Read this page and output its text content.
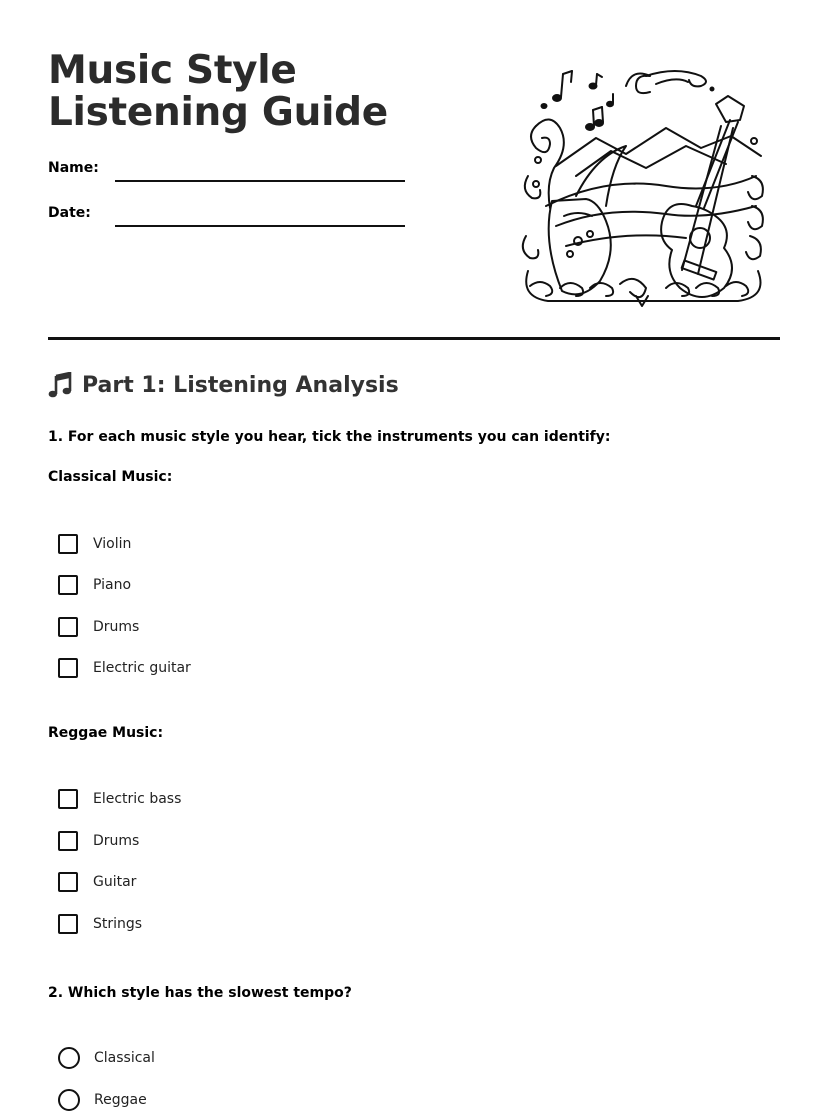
Music Style Listening Guide
Name:
Date:
Part 1: Listening Analysis

1. For each music style you hear, tick the instruments you can identify:

Classical Music:

Violin
Piano
Drums
Electric guitar

Reggae Music:

Electric bass
Drums
Guitar
Strings

2. Which style has the slowest tempo?

Classical
Reggae
